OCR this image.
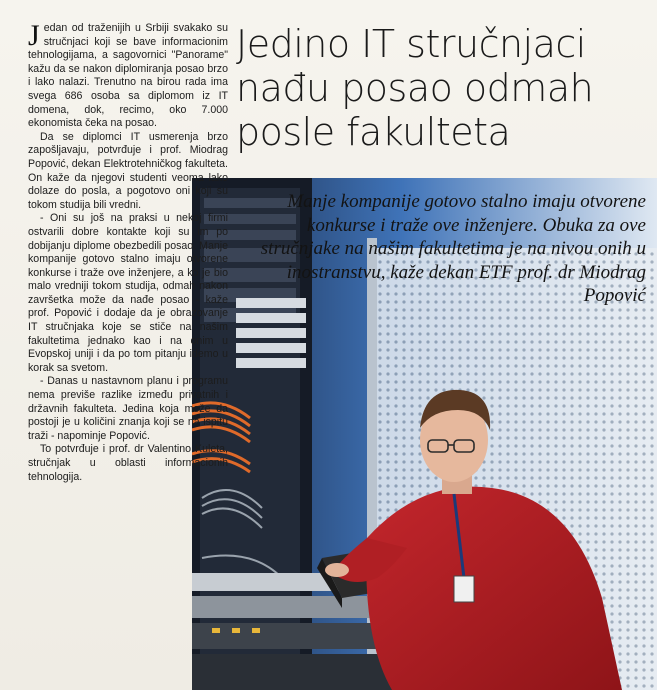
Jedino IT stručnjaci nađu posao odmah posle fakulteta
Manje kompanije gotovo stalno imaju otvorene konkurse i traže ove inženjere. Obuka za ove stručnjake na našim fakultetima je na nivou onih u inostranstvu, kaže dekan ETF prof. dr Miodrag Popović

Jedan od traženijih u Srbiji svakako su stručnjaci koji se bave informacionim tehnologijama, a sagovornici "Panorame" kažu da se nakon diplomiranja posao brzo i lako nalazi. Trenutno na birou rada ima svega 686 osoba sa diplomom iz IT domena, dok, recimo, oko 7.000 ekonomista čeka na posao.

Da se diplomci IT usmerenja brzo zapošljavaju, potvrđuje i prof. Miodrag Popović, dekan Elektrotehničkog fakulteta. On kaže da njegovi studenti veoma lako dolaze do posla, a pogotovo oni koji su tokom studija bili vredni.

- Oni su još na praksi u nekoj firmi ostvarili dobre kontakte koji su im po dobijanju diplome obezbedili posao. Manje kompanije gotovo stalno imaju otvorene konkurse i traže ove inženjere, a ko je bio malo vredniji tokom studija, odmah nakon završetka može da nađe posao - kaže prof. Popović i dodaje da je obrazovanje IT stručnjaka koje se stiče na našim fakultetima jednako kao i na onim u Evopskoj uniji i da po tom pitanju idemo u korak sa svetom.

- Danas u nastavnom planu i programu nema previše razlike između privatnih i državnih fakulteta. Jedina koja može da postoji je u količini znanja koji se na ispitu traži - napominje Popović.

To potvrđuje i prof. dr Valentino Kuleta, stručnjak u oblasti informacionih tehnologija.
